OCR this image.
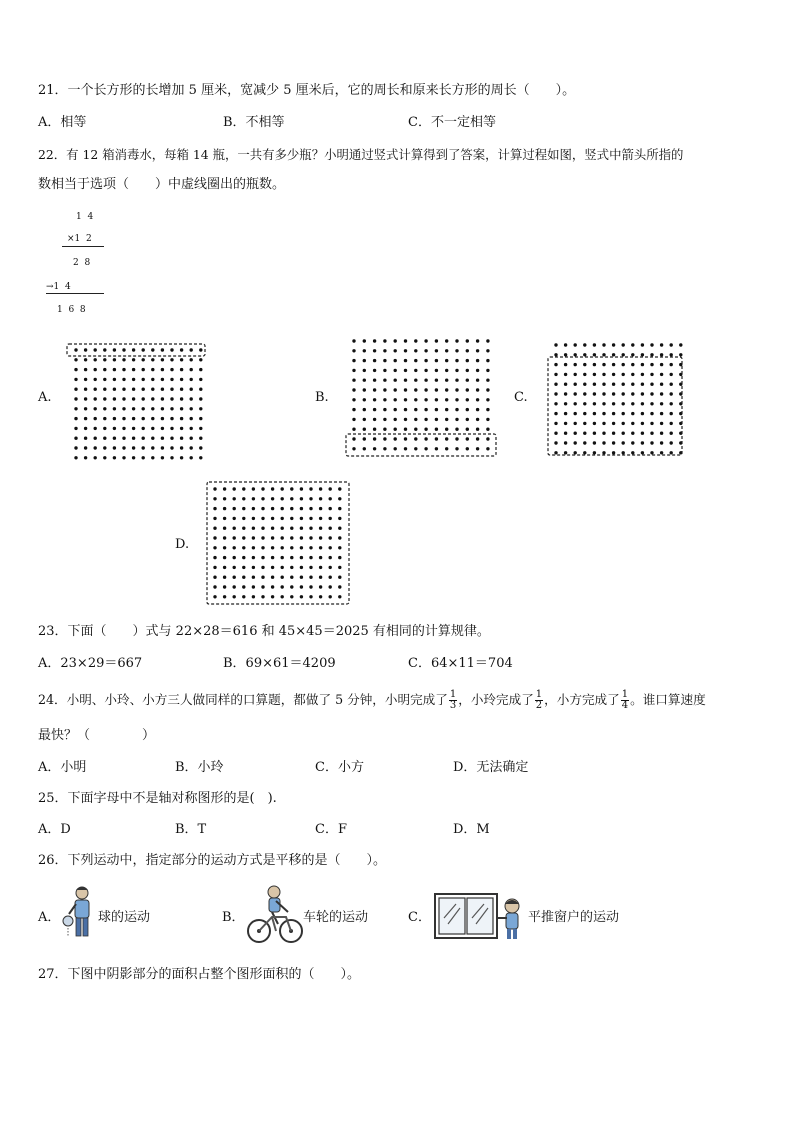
21．一个长方形的长增加 5 厘米，宽减少 5 厘米后，它的周长和原来长方形的周长（　　）。
A．相等	B．不相等	C．不一定相等
22．有 12 箱消毒水，每箱 14 瓶，一共有多少瓶？小明通过竖式计算得到了答案，计算过程如图，竖式中箭头所指的
数相当于选项（　　）中虚线圈出的瓶数。
1  4
×1  2
2  8
→1  4
1  6  8
A.	B.	C.
D.
23．下面（　　）式与 22×28＝616 和 45×45＝2025 有相同的计算规律。
A．23×29＝667	B．69×61＝4209	C．64×11＝704
24．小明、小玲、小方三人做同样的口算题，都做了 5 分钟，小明完成了 $\frac{1}{3}$ ，小玲完成了 $\frac{1}{2}$ ，小方完成了 $\frac{1}{4}$ 。谁口算速度
最快？（　　　　）
A．小明	B．小玲	C．小方	D．无法确定
25．下面字母中不是轴对称图形的是(　).
A．D	B．T	C．F	D．M
26．下列运动中，指定部分的运动方式是平移的是（　　）。
A．	球的运动	B．	车轮的运动	C．	平推窗户的运动
27．下图中阴影部分的面积占整个图形面积的（　　）。
